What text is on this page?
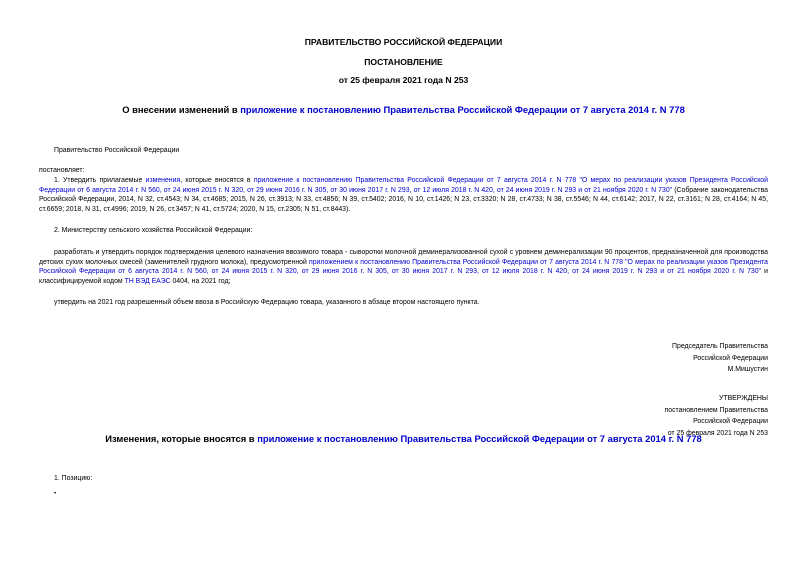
ПРАВИТЕЛЬСТВО РОССИЙСКОЙ ФЕДЕРАЦИИ
ПОСТАНОВЛЕНИЕ
от 25 февраля 2021 года N 253
О внесении изменений в приложение к постановлению Правительства Российской Федерации от 7 августа 2014 г. N 778
Правительство Российской Федерации
постановляет:
1. Утвердить прилагаемые изменения, которые вносятся в приложение к постановлению Правительства Российской Федерации от 7 августа 2014 г. N 778 "О мерах по реализации указов Президента Российской Федерации от 6 августа 2014 г. N 560, от 24 июня 2015 г. N 320, от 29 июня 2016 г. N 305, от 30 июня 2017 г. N 293, от 12 июля 2018 г. N 420, от 24 июня 2019 г. N 293 и от 21 ноября 2020 г. N 730" (Собрание законодательства Российской Федерации, 2014, N 32, ст.4543; N 34, ст.4685; 2015, N 26, ст.3913; N 33, ст.4856; N 39, ст.5402; 2016, N 10, ст.1426; N 23, ст.3320; N 28, ст.4733; N 38, ст.5546; N 44, ст.6142; 2017, N 22, ст.3161; N 28, ст.4164; N 45, ст.6659; 2018, N 31, ст.4996; 2019, N 26, ст.3457; N 41, ст.5724; 2020, N 15, ст.2305; N 51, ст.8443).
2. Министерству сельского хозяйства Российской Федерации:
разработать и утвердить порядок подтверждения целевого назначения ввозимого товара - сыворотки молочной деминерализованной сухой с уровнем деминерализации 90 процентов, предназначенной для производства детских сухих молочных смесей (заменителей грудного молока), предусмотренной приложением к постановлению Правительства Российской Федерации от 7 августа 2014 г. N 778 "О мерах по реализации указов Президента Российской Федерации от 6 августа 2014 г. N 560, от 24 июня 2015 г. N 320, от 29 июня 2016 г. N 305, от 30 июня 2017 г. N 293, от 12 июля 2018 г. N 420, от 24 июня 2019 г. N 293 и от 21 ноября 2020 г. N 730" и классифицируемой кодом ТН ВЭД ЕАЭС 0404, на 2021 год;
утвердить на 2021 год разрешенный объем ввоза в Российскую Федерацию товара, указанного в абзаце втором настоящего пункта.
Председатель Правительства
Российской Федерации
М.Мишустин
УТВЕРЖДЕНЫ
постановлением Правительства
Российской Федерации
от 25 февраля 2021 года N 253
Изменения, которые вносятся в приложение к постановлению Правительства Российской Федерации от 7 августа 2014 г. N 778
1. Позицию:
•
